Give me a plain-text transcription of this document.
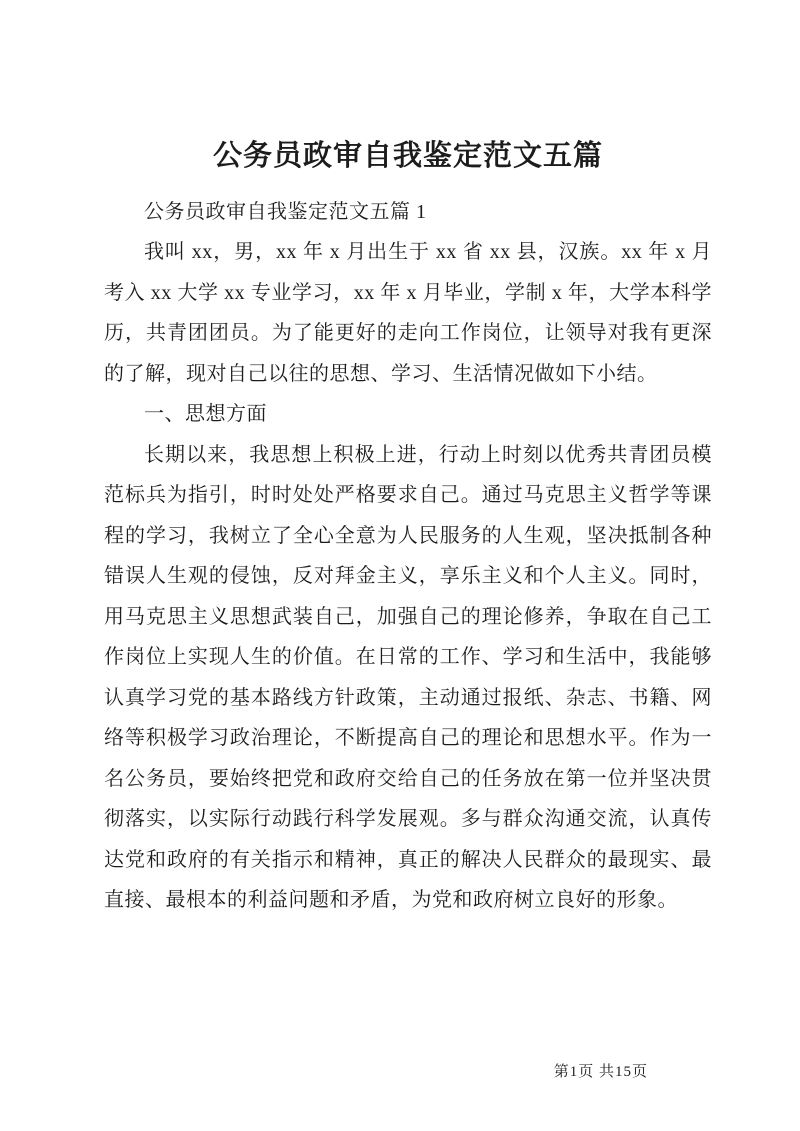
公务员政审自我鉴定范文五篇

公务员政审自我鉴定范文五篇 1

我叫 xx，男，xx 年 x 月出生于 xx 省 xx 县，汉族。xx 年 x 月考入 xx 大学 xx 专业学习，xx 年 x 月毕业，学制 x 年，大学本科学历，共青团团员。为了能更好的走向工作岗位，让领导对我有更深的了解，现对自己以往的思想、学习、生活情况做如下小结。

一、思想方面

长期以来，我思想上积极上进，行动上时刻以优秀共青团员模范标兵为指引，时时处处严格要求自己。通过马克思主义哲学等课程的学习，我树立了全心全意为人民服务的人生观，坚决抵制各种错误人生观的侵蚀，反对拜金主义，享乐主义和个人主义。同时，用马克思主义思想武装自己，加强自己的理论修养，争取在自己工作岗位上实现人生的价值。在日常的工作、学习和生活中，我能够认真学习党的基本路线方针政策，主动通过报纸、杂志、书籍、网络等积极学习政治理论，不断提高自己的理论和思想水平。作为一名公务员，要始终把党和政府交给自己的任务放在第一位并坚决贯彻落实，以实际行动践行科学发展观。多与群众沟通交流，认真传达党和政府的有关指示和精神，真正的解决人民群众的最现实、最直接、最根本的利益问题和矛盾，为党和政府树立良好的形象。

第1页 共15页
